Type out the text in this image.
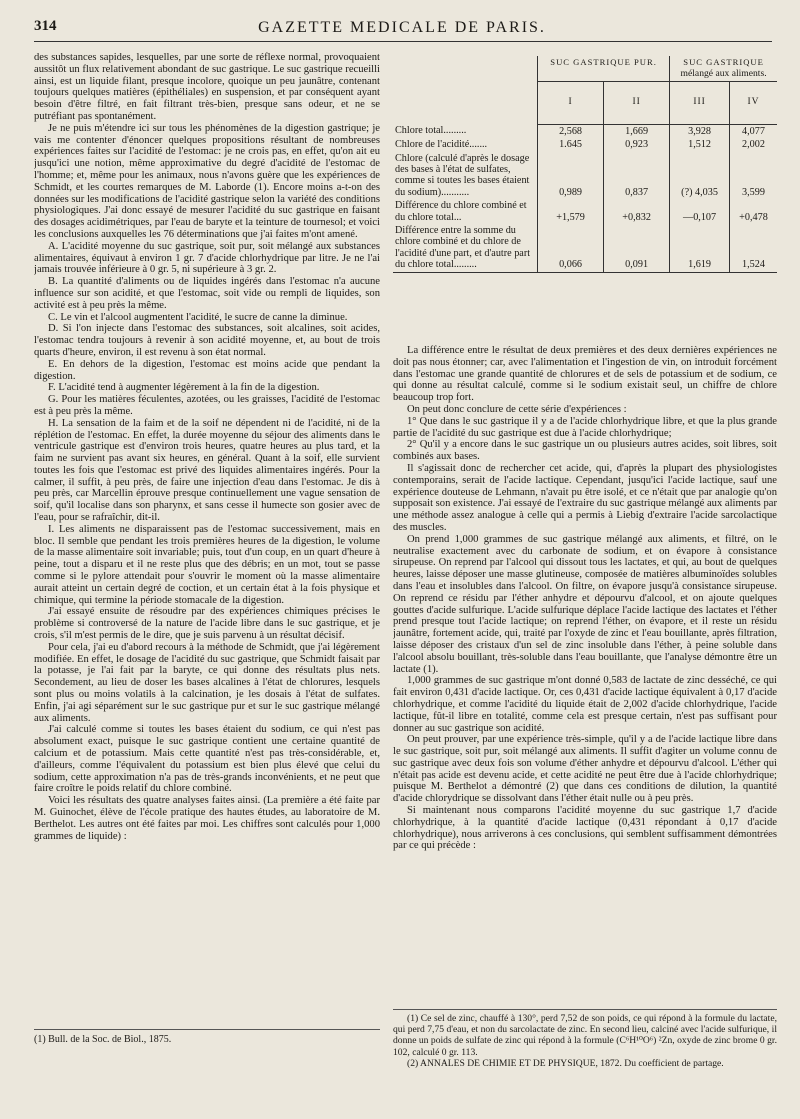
314	GAZETTE MEDICALE DE PARIS.

des substances sapides, lesquelles, par une sorte de réflexe normal, provoquaient aussitôt un flux relativement abondant de suc gastrique. Le suc gastrique recueilli ainsi, est un liquide filant, presque incolore, quoique un peu jaunâtre, contenant toujours quelques matières (épithéliales) en suspension, et par conséquent ayant besoin d'être filtré, en fait filtrant très-bien, presque sans odeur, et ne se putréfiant pas spontanément.

Je ne puis m'étendre ici sur tous les phénomènes de la digestion gastrique; je vais me contenter d'énoncer quelques propositions résultant de nombreuses expériences faites sur l'acidité de l'estomac: je ne crois pas, en effet, qu'on ait eu jusqu'ici une notion, même approximative du degré d'acidité de l'estomac de l'homme; et, même pour les animaux, nous n'avons guère que les expériences de Schmidt, et les courtes remarques de M. Laborde (1). Encore moins a-t-on des données sur les modifications de l'acidité gastrique selon la variété des conditions physiologiques. J'ai donc essayé de mesurer l'acidité du suc gastrique en faisant des dosages acidimétriques, par l'eau de baryte et la teinture de tournesol; et voici les conclusions auxquelles les 76 déterminations que j'ai faites m'ont amené.

A. L'acidité moyenne du suc gastrique, soit pur, soit mélangé aux substances alimentaires, équivaut à environ 1 gr. 7 d'acide chlorhydrique par litre. Je ne l'ai jamais trouvée inférieure à 0 gr. 5, ni supérieure à 3 gr. 2.

B. La quantité d'aliments ou de liquides ingérés dans l'estomac n'a aucune influence sur son acidité, et que l'estomac, soit vide ou rempli de liquides, son activité est à peu près la même.

C. Le vin et l'alcool augmentent l'acidité, le sucre de canne la diminue.

D. Si l'on injecte dans l'estomac des substances, soit alcalines, soit acides, l'estomac tendra toujours à revenir à son acidité moyenne, et, au bout de trois quarts d'heure, environ, il est revenu à son état normal.

E. En dehors de la digestion, l'estomac est moins acide que pendant la digestion.

F. L'acidité tend à augmenter légèrement à la fin de la digestion.

G. Pour les matières féculentes, azotées, ou les graisses, l'acidité de l'estomac est à peu près la même.

H. La sensation de la faim et de la soif ne dépendent ni de l'acidité, ni de la réplétion de l'estomac. En effet, la durée moyenne du séjour des aliments dans le ventricule gastrique est d'environ trois heures, quatre heures au plus tard, et la faim ne survient pas avant six heures, en général. Quant à la soif, elle survient toutes les fois que l'estomac est privé des liquides alimentaires ingérés. Pour la calmer, il suffit, à peu près, de faire une injection d'eau dans l'estomac. Je dis à peu près, car Marcellin éprouve presque continuellement une vague sensation de soif, qu'il localise dans son pharynx, et sans cesse il humecte son gosier avec de l'eau, pour se rafraîchir, dit-il.

I. Les aliments ne disparaissent pas de l'estomac successivement, mais en bloc. Il semble que pendant les trois premières heures de la digestion, le volume de la masse alimentaire soit invariable; puis, tout d'un coup, en un quart d'heure à peine, tout a disparu et il ne reste plus que des débris; en un mot, tout se passe comme si le pylore attendait pour s'ouvrir le moment où la masse alimentaire aurait atteint un certain degré de coction, et un certain état à la fois physique et chimique, qui termine la période stomacale de la digestion.

J'ai essayé ensuite de résoudre par des expériences chimiques précises le problème si controversé de la nature de l'acide libre dans le suc gastrique, et je crois, s'il m'est permis de le dire, que je suis parvenu à un résultat décisif.

Pour cela, j'ai eu d'abord recours à la méthode de Schmidt, que j'ai légèrement modifiée. En effet, le dosage de l'acidité du suc gastrique, que Schmidt faisait par la potasse, je l'ai fait par la baryte, ce qui donne des résultats plus nets. Secondement, au lieu de doser les bases alcalines à l'état de chlorures, lesquels sont plus ou moins volatils à la calcination, je les dosais à l'état de sulfates. Enfin, j'ai agi séparément sur le suc gastrique pur et sur le suc gastrique mélangé aux aliments.

J'ai calculé comme si toutes les bases étaient du sodium, ce qui n'est pas absolument exact, puisque le suc gastrique contient une certaine quantité de calcium et de potassium. Mais cette quantité n'est pas très-considérable, et, d'ailleurs, comme l'équivalent du potassium est bien plus élevé que celui du sodium, cette approximation n'a pas de très-grands inconvénients, et ne peut que faire croître le poids relatif du chlore combiné.

Voici les résultats des quatre analyses faites ainsi. (La première a été faite par M. Guinochet, élève de l'école pratique des hautes études, au laboratoire de M. Berthelot. Les autres ont été faites par moi. Les chiffres sont calculés pour 1,000 grammes de liquide) :

(1) Bull. de la Soc. de Biol., 1875.
	SUC GASTRIQUE PUR.		SUC GASTRIQUE
mélangé aux aliments.	
	I	II	III	IV
Chlore total.........	2,568	1,669	3,928	4,077
Chlore de l'acidité.......	1.645	0,923	1,512	2,002
Chlore (calculé d'après le dosage des bases à l'état de sulfates, comme si toutes les bases étaient du sodium)...........	0,989	0,837	(?) 4,035	3,599
Différence du chlore combiné et du chlore total...	+1,579	+0,832	—0,107	+0,478
Différence entre la somme du chlore combiné et du chlore de l'acidité d'une part, et d'autre part du chlore total.........	0,066	0,091	1,619	1,524

La différence entre le résultat de deux premières et des deux dernières expériences ne doit pas nous étonner; car, avec l'alimentation et l'ingestion de vin, on introduit forcément dans l'estomac une grande quantité de chlorures et de sels de potassium et de sodium, ce qui donne au résultat calculé, comme si le sodium existait seul, un chiffre de chlore beaucoup trop fort.

On peut donc conclure de cette série d'expériences :

1° Que dans le suc gastrique il y a de l'acide chlorhydrique libre, et que la plus grande partie de l'acidité du suc gastrique est due à l'acide chlorhydrique;

2° Qu'il y a encore dans le suc gastrique un ou plusieurs autres acides, soit libres, soit combinés aux bases.

Il s'agissait donc de rechercher cet acide, qui, d'après la plupart des physiologistes contemporains, serait de l'acide lactique. Cependant, jusqu'ici l'acide lactique, sauf une expérience douteuse de Lehmann, n'avait pu être isolé, et ce n'était que par analogie qu'on supposait son existence. J'ai essayé de l'extraire du suc gastrique mélangé aux aliments par une méthode assez analogue à celle qui a permis à Liebig d'extraire l'acide sarcolactique des muscles.

On prend 1,000 grammes de suc gastrique mélangé aux aliments, et filtré, on le neutralise exactement avec du carbonate de sodium, et on évapore à consistance sirupeuse. On reprend par l'alcool qui dissout tous les lactates, et qui, au bout de quelques heures, laisse déposer une masse glutineuse, composée de matières albuminoïdes solubles dans l'eau et insolubles dans l'alcool. On filtre, on évapore jusqu'à consistance sirupeuse. On reprend ce résidu par l'éther anhydre et dépourvu d'alcool, et on ajoute quelques gouttes d'acide sulfurique. L'acide sulfurique déplace l'acide lactique des lactates et l'éther prend presque tout l'acide lactique; on reprend l'éther, on évapore, et il reste un résidu jaunâtre, fortement acide, qui, traité par l'oxyde de zinc et l'eau bouillante, après filtration, laisse déposer des cristaux d'un sel de zinc insoluble dans l'éther, à peine soluble dans l'alcool absolu bouillant, très-soluble dans l'eau bouillante, que l'analyse démontre être un lactate (1).

1,000 grammes de suc gastrique m'ont donné 0,583 de lactate de zinc desséché, ce qui fait environ 0,431 d'acide lactique. Or, ces 0,431 d'acide lactique équivalent à 0,17 d'acide chlorhydrique, et comme l'acidité du liquide était de 2,002 d'acide chlorhydrique, l'acide lactique, fût-il libre en totalité, comme cela est presque certain, n'est pas suffisant pour donner au suc gastrique son acidité.

On peut prouver, par une expérience très-simple, qu'il y a de l'acide lactique libre dans le suc gastrique, soit pur, soit mélangé aux aliments. Il suffit d'agiter un volume connu de suc gastrique avec deux fois son volume d'éther anhydre et dépourvu d'alcool. L'éther qui n'était pas acide est devenu acide, et cette acidité ne peut être due à l'acide chlorhydrique; puisque M. Berthelot a démontré (2) que dans ces conditions de dilution, la quantité d'acide chlorydrique se dissolvant dans l'éther était nulle ou à peu près.

Si maintenant nous comparons l'acidité moyenne du suc gastrique 1,7 d'acide chlorhydrique, à la quantité d'acide lactique (0,431 répondant à 0,17 d'acide chlorhydrique), nous arriverons à ces conclusions, qui semblent suffisamment démontrées par ce qui précède :

(1) Ce sel de zinc, chauffé à 130°, perd 7,52 de son poids, ce qui répond à la formule du lactate, qui perd 7,75 d'eau, et non du sarcolactate de zinc. En second lieu, calciné avec l'acide sulfurique, il donne un poids de sulfate de zinc qui répond à la formule (C⁶H¹⁰O⁶) ²Zn, oxyde de zinc brome 0 gr. 102, calculé 0 gr. 113.

(2) ANNALES DE CHIMIE ET DE PHYSIQUE, 1872. Du coefficient de partage.
